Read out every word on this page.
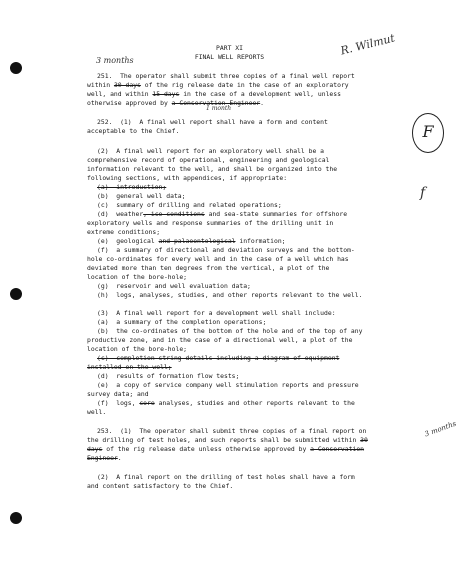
3 months
R. Wilmut
F
3 months
1 month
f
PART XI
FINAL WELL REPORTS
251.  The operator shall submit three copies of a final well report
within 30 days of the rig release date in the case of an exploratory
well, and within 15 days in the case of a development well, unless
otherwise approved by a Conservation Engineer.
252.  (1)  A final well report shall have a form and content
acceptable to the Chief.
(2)  A final well report for an exploratory well shall be a
comprehensive record of operational, engineering and geological
information relevant to the well, and shall be organized into the
following sections, with appendices, if appropriate:
(a)  introduction;
(b)  general well data;
(c)  summary of drilling and related operations;
(d)  weather, ice conditions and sea-state summaries for offshore
exploratory wells and response summaries of the drilling unit in
extreme conditions;
(e)  geological and palaeontological information;
(f)  a summary of directional and deviation surveys and the bottom-
hole co-ordinates for every well and in the case of a well which has
deviated more than ten degrees from the vertical, a plot of the
location of the bore-hole;
(g)  reservoir and well evaluation data;
(h)  logs, analyses, studies, and other reports relevant to the well.
(3)  A final well report for a development well shall include:
(a)  a summary of the completion operations;
(b)  the co-ordinates of the bottom of the hole and of the top of any
productive zone, and in the case of a directional well, a plot of the
location of the bore-hole;
(c)  completion string details including a diagram of equipment
installed on the well;
(d)  results of formation flow tests;
(e)  a copy of service company well stimulation reports and pressure
survey data; and
(f)  logs, core analyses, studies and other reports relevant to the
well.
253.  (1)  The operator shall submit three copies of a final report on
the drilling of test holes, and such reports shall be submitted within 30
days of the rig release date unless otherwise approved by a Conservation
Engineer.
(2)  A final report on the drilling of test holes shall have a form
and content satisfactory to the Chief.
